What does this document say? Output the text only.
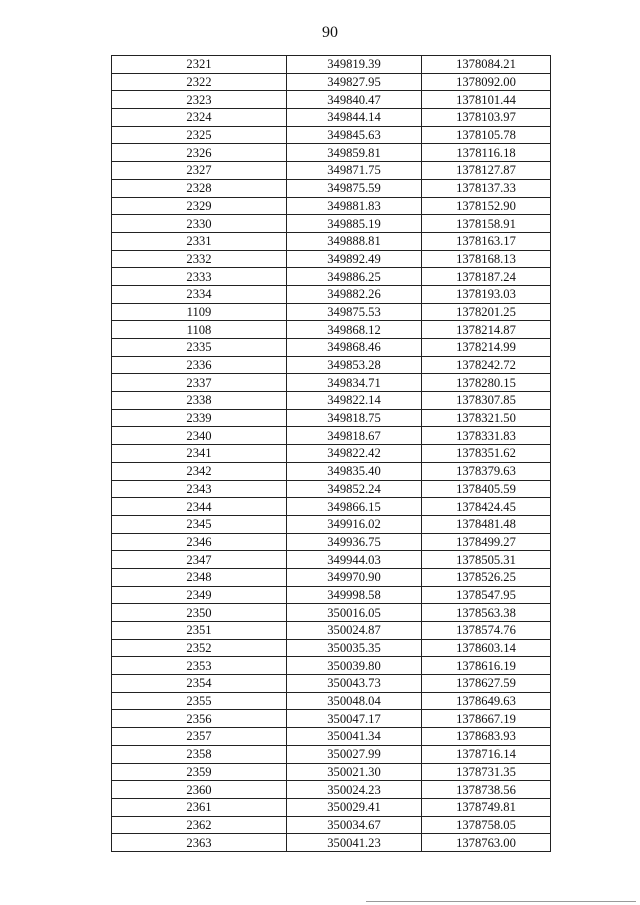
90
2321	349819.39	1378084.21
2322	349827.95	1378092.00
2323	349840.47	1378101.44
2324	349844.14	1378103.97
2325	349845.63	1378105.78
2326	349859.81	1378116.18
2327	349871.75	1378127.87
2328	349875.59	1378137.33
2329	349881.83	1378152.90
2330	349885.19	1378158.91
2331	349888.81	1378163.17
2332	349892.49	1378168.13
2333	349886.25	1378187.24
2334	349882.26	1378193.03
1109	349875.53	1378201.25
1108	349868.12	1378214.87
2335	349868.46	1378214.99
2336	349853.28	1378242.72
2337	349834.71	1378280.15
2338	349822.14	1378307.85
2339	349818.75	1378321.50
2340	349818.67	1378331.83
2341	349822.42	1378351.62
2342	349835.40	1378379.63
2343	349852.24	1378405.59
2344	349866.15	1378424.45
2345	349916.02	1378481.48
2346	349936.75	1378499.27
2347	349944.03	1378505.31
2348	349970.90	1378526.25
2349	349998.58	1378547.95
2350	350016.05	1378563.38
2351	350024.87	1378574.76
2352	350035.35	1378603.14
2353	350039.80	1378616.19
2354	350043.73	1378627.59
2355	350048.04	1378649.63
2356	350047.17	1378667.19
2357	350041.34	1378683.93
2358	350027.99	1378716.14
2359	350021.30	1378731.35
2360	350024.23	1378738.56
2361	350029.41	1378749.81
2362	350034.67	1378758.05
2363	350041.23	1378763.00
